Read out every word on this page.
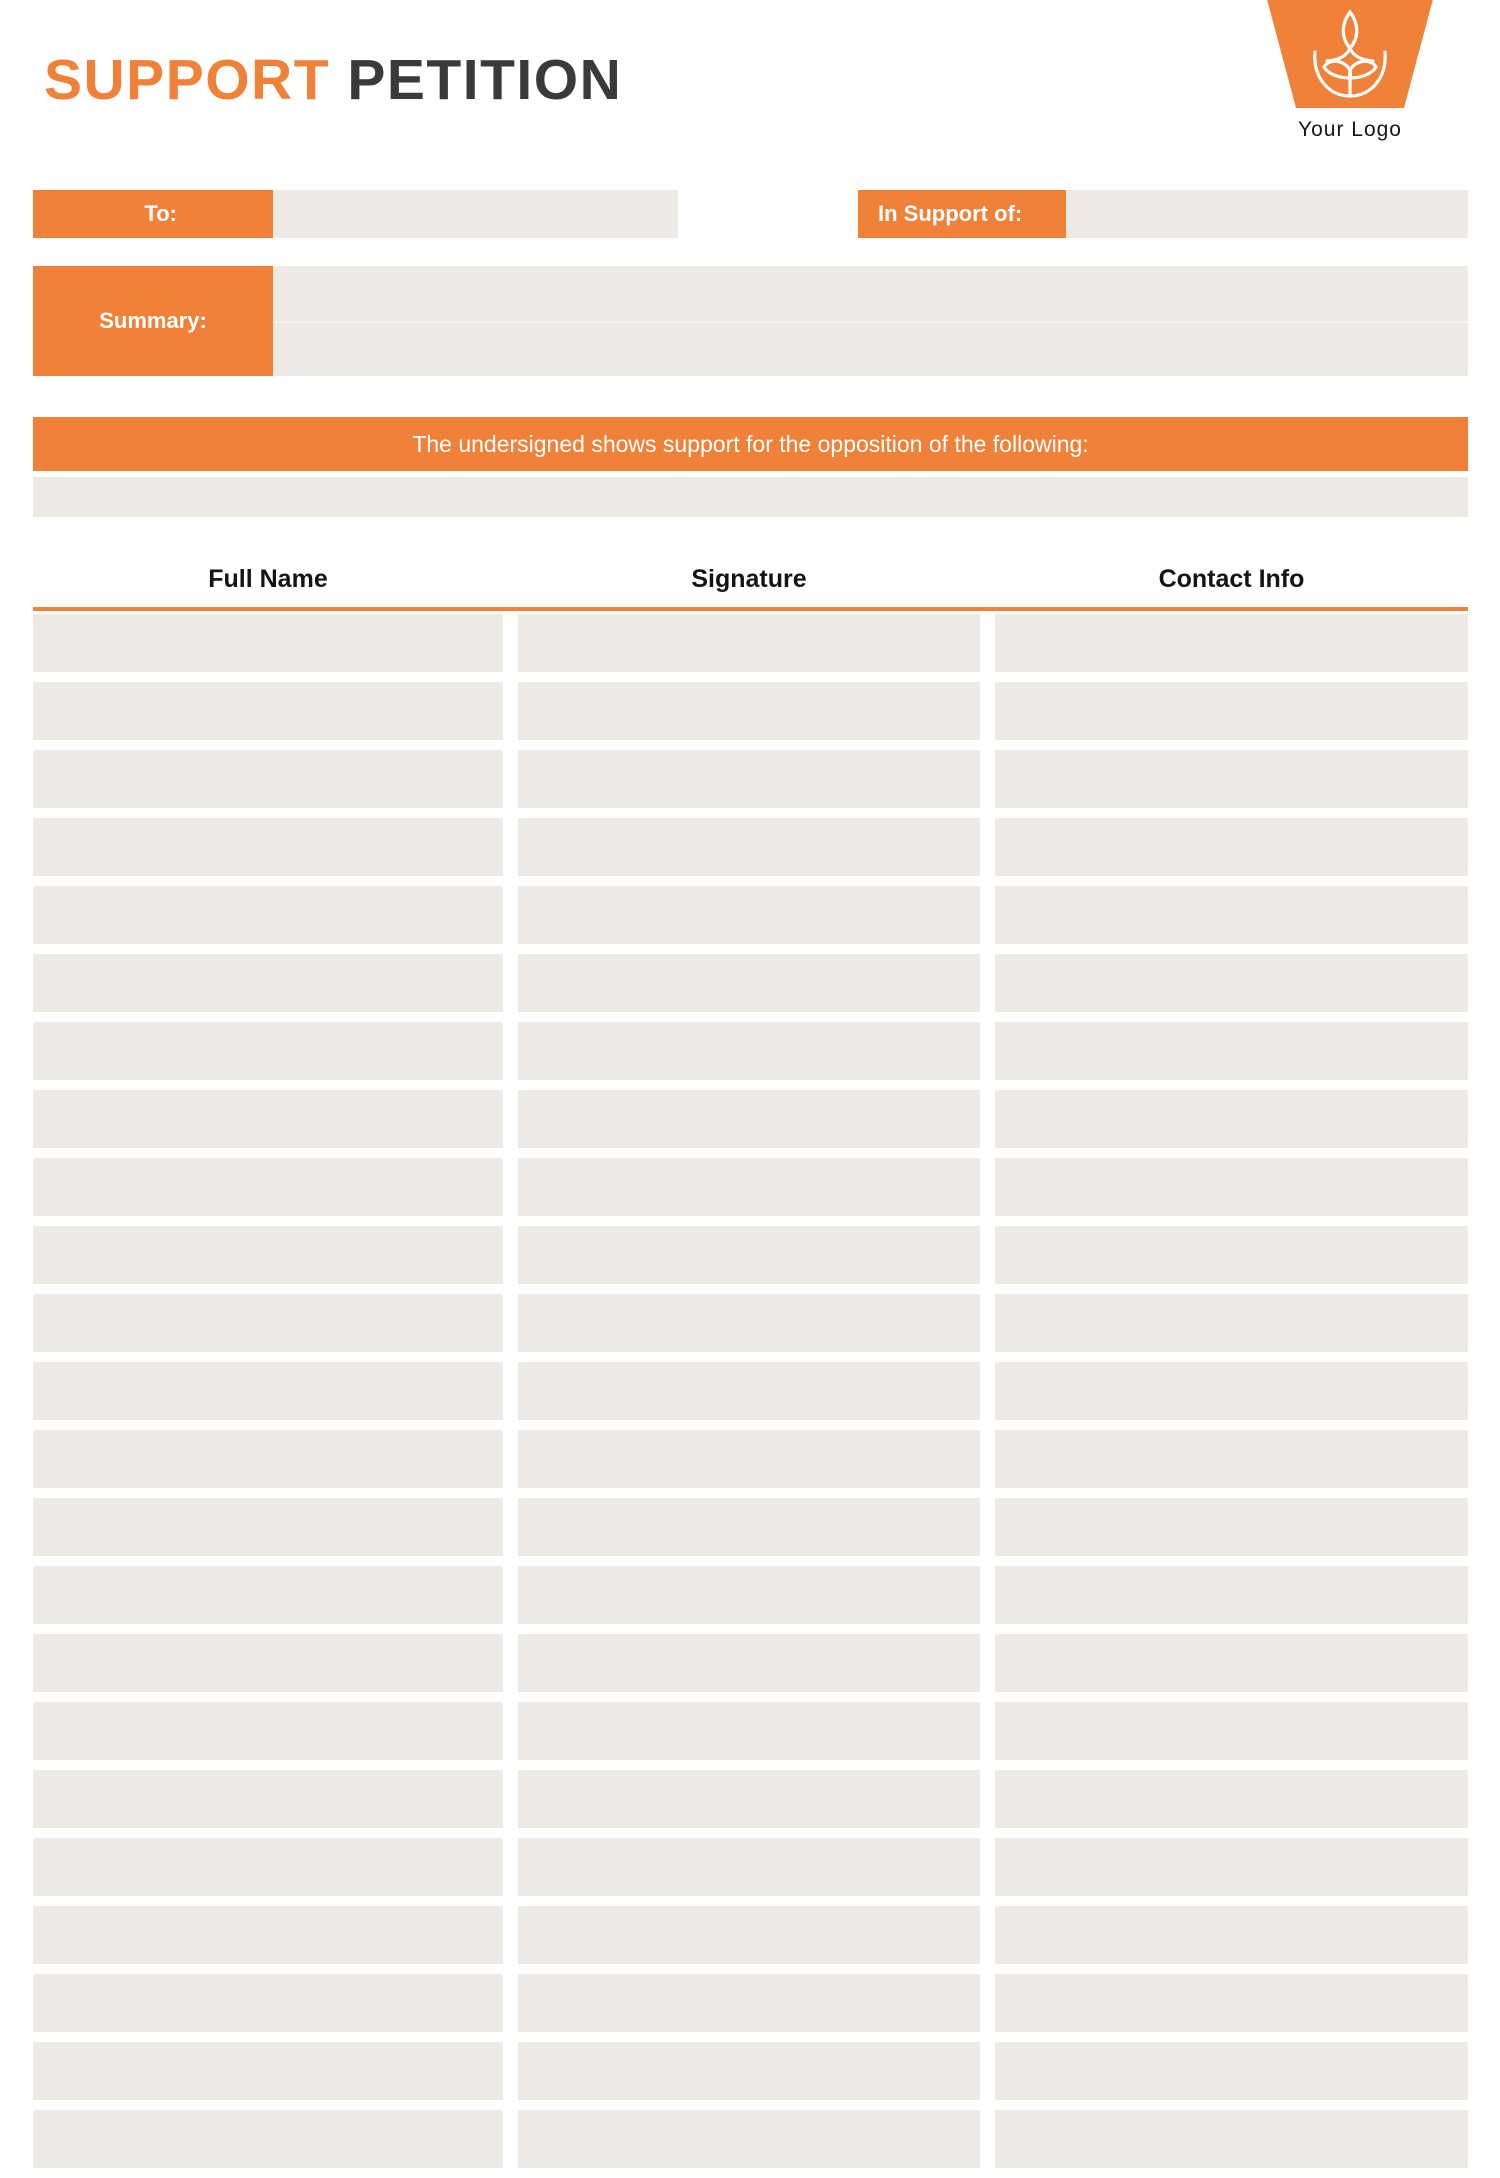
SUPPORT PETITION
Your Logo
To:	In Support of:
Summary:
The undersigned shows support for the opposition of the following:
Full Name	Signature	Contact Info
